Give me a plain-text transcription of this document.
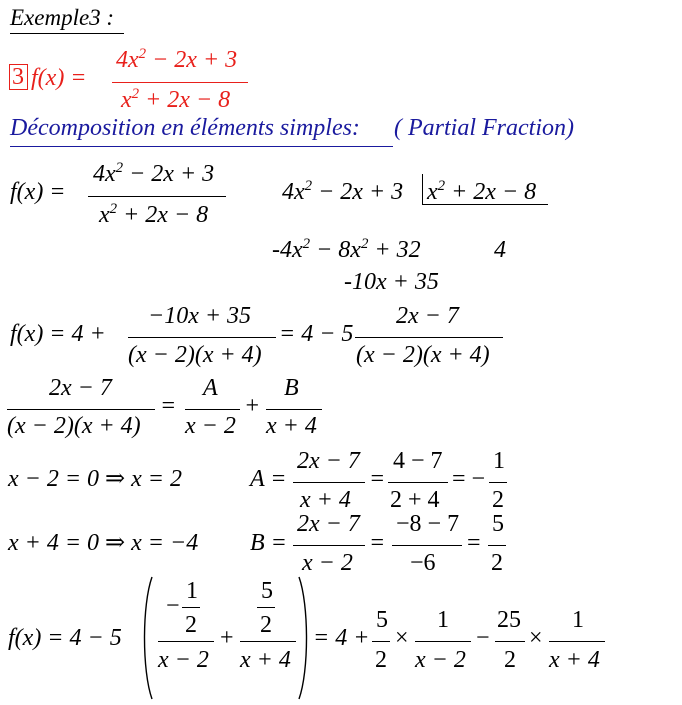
Exemple3 :
3 f(x) =
$4x^2 - 2x + 3$
$x^2 + 2x - 8$
Décomposition en éléments simples: ( Partial Fraction)
f(x) =
$4x^2 - 2x + 3$
$x^2 + 2x - 8$
$4x^2 - 2x + 3$ $x^2 + 2x - 8$
$-4x^2 - 8x^2 + 32$	4
-10x + 35
f(x) = 4 +
−10x + 35
(x − 2)(x + 4)
= 4 − 5
2x − 7
(x − 2)(x + 4)
2x − 7
(x − 2)(x + 4)
=
A
x − 2
+
B
x + 4
x − 2 = 0 ⇒ x = 2	A =
2x − 7
x + 4
=
4 − 7
2 + 4
= −
1
2
x + 4 = 0 ⇒ x = −4 B =
2x − 7
x − 2
=
−8 − 7
−6
=
5
2
f(x) = 4 − 5
−
1
2
x − 2
+
5
2
x + 4
= 4 +
5
2
×
1
x − 2
−
25
2
×
1
x + 4
